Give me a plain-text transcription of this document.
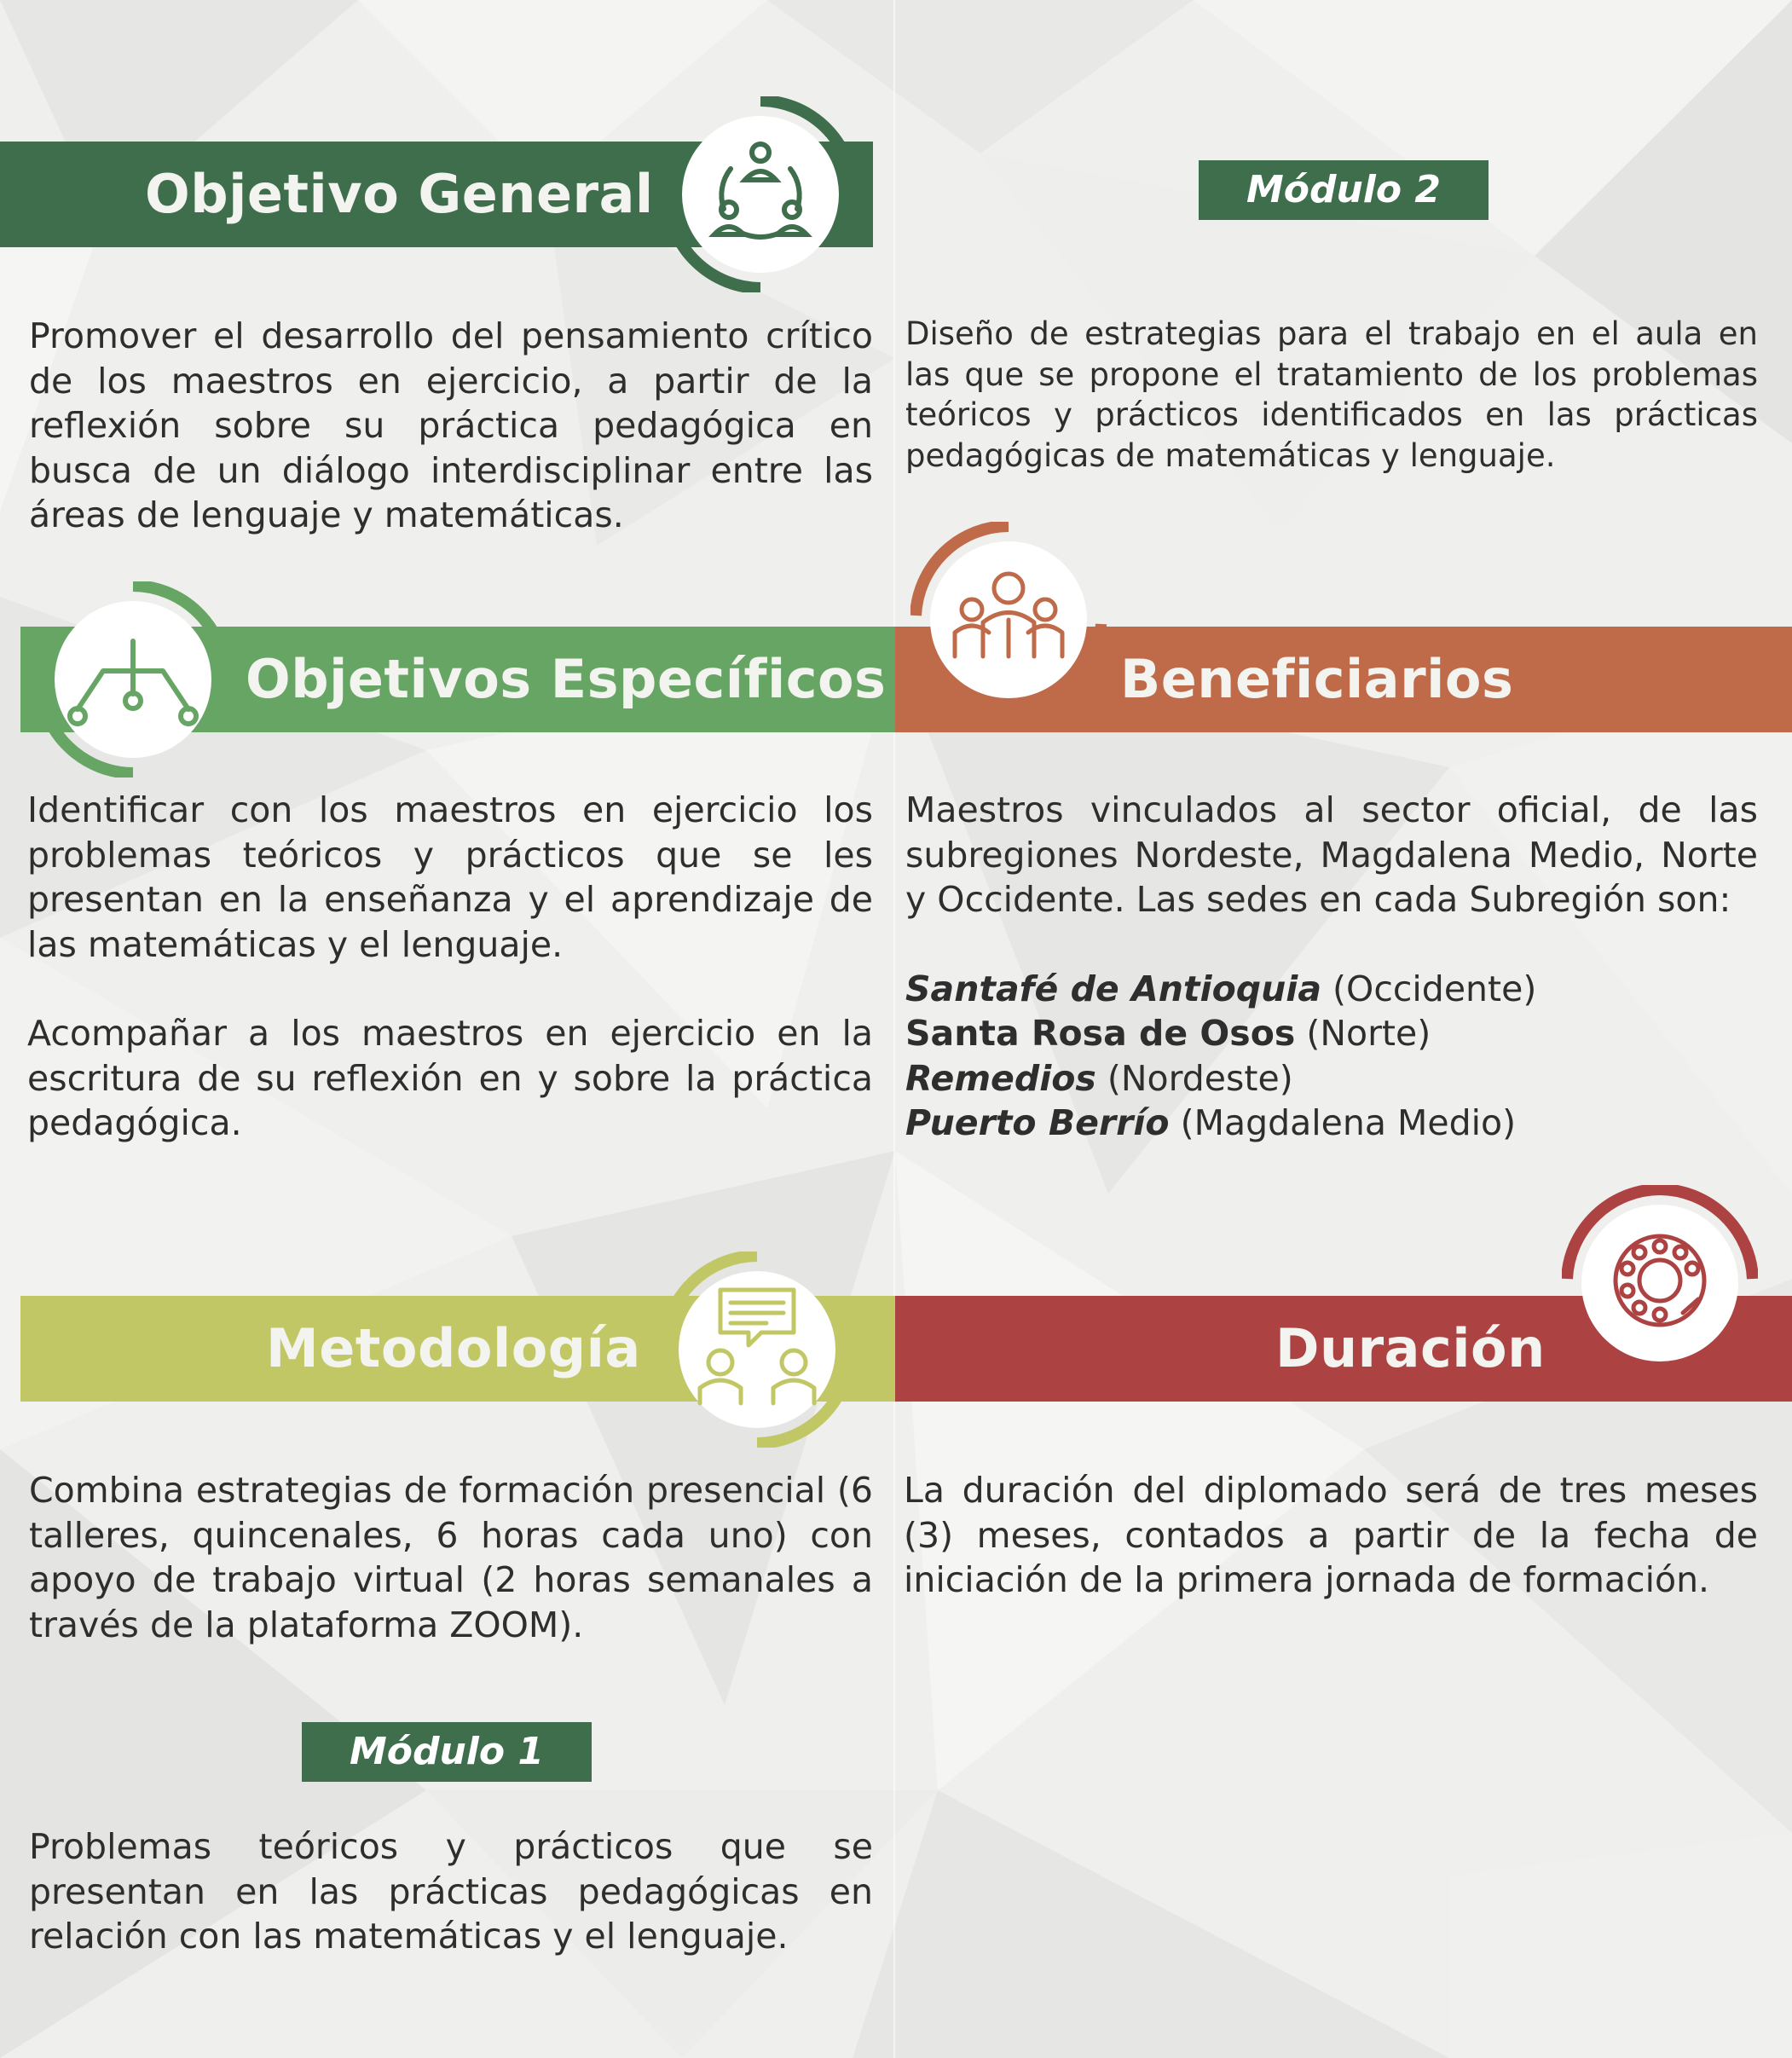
Objetivo General

Promover el desarrollo del pensamiento crítico de los maestros en ejercicio, a partir de la reflexión sobre su práctica pedagógica en busca de un diálogo interdisciplinar entre las áreas de lenguaje y matemáticas.

Módulo 2

Diseño de estrategias para el trabajo en el aula en las que se propone el tratamiento de los problemas teóricos y prácticos identificados en las prácticas pedagógicas de matemáticas y lenguaje.

Objetivos Específicos
Identificar con los maestros en ejercicio los problemas teóricos y prácticos que se les presentan en la enseñanza y el aprendizaje de las matemáticas y el lenguaje.
Acompañar a los maestros en ejercicio en la escritura de su reflexión en y sobre la práctica pedagógica.
Beneficiarios
Maestros vinculados al sector oficial, de las subregiones Nordeste, Magdalena Medio, Norte y Occidente. Las sedes en cada Subregión son:
Santafé de Antioquia (Occidente)
Santa Rosa de Osos (Norte)
Remedios (Nordeste)
Puerto Berrío (Magdalena Medio)
Metodología

Combina estrategias de formación presencial (6 talleres, quincenales, 6 horas cada uno) con apoyo de trabajo virtual (2 horas semanales a través de la plataforma ZOOM).

Duración

La duración del diplomado será de tres meses (3) meses, contados a partir de la fecha de iniciación de la primera jornada de formación.

Módulo 1

Problemas teóricos y prácticos que se presentan en las prácticas pedagógicas en relación con las matemáticas y el lenguaje.
